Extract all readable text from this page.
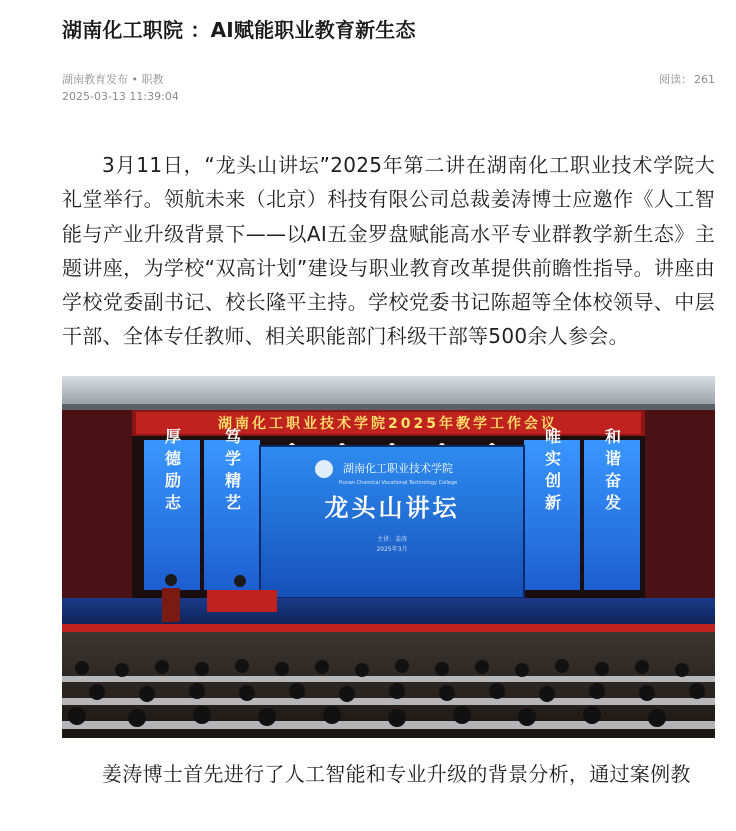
湖南化工职院 ：AI赋能职业教育新生态
湖南教育发布 • 职教
2025-03-13 11:39:04
阅读： 261

3月11日，“龙头山讲坛”2025年第二讲在湖南化工职业技术学院大礼堂举行。领航未来（北京）科技有限公司总裁姜涛博士应邀作《人工智能与产业升级背景下——以AI五金罗盘赋能高水平专业群教学新生态》主题讲座，为学校“双高计划”建设与职业教育改革提供前瞻性指导。讲座由学校党委副书记、校长隆平主持。学校党委书记陈超等全体校领导、中层干部、全体专任教师、相关职能部门科级干部等500余人参会。

湖南化工职业技术学院2025年教学工作会议
湖南化工职业技术学院
Hunan Chemical Vocational Technology College
龙头山讲坛
主讲：姜涛
2025年3月
厚德励志	笃学精艺	唯实创新	和谐奋发

姜涛博士首先进行了人工智能和专业升级的背景分析，通过案例教
